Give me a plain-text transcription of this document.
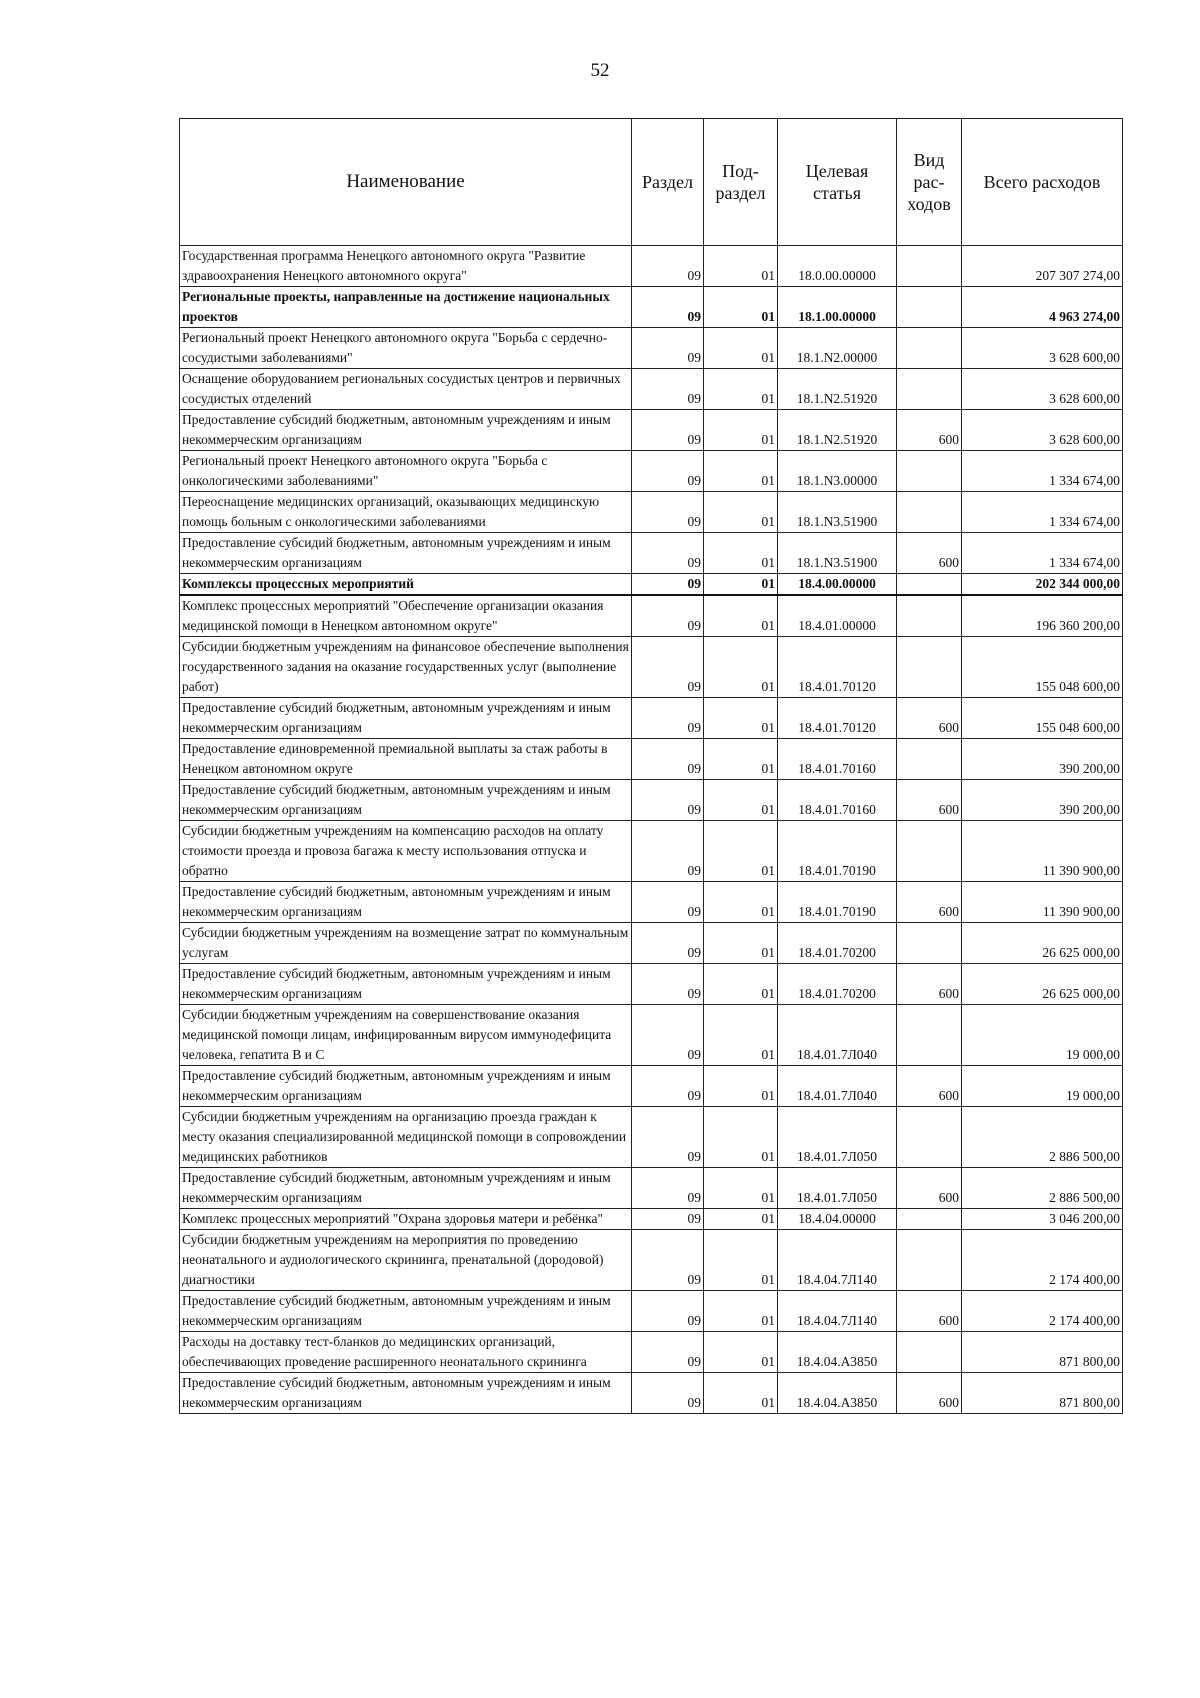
52
Наименование	Раздел	Под-раздел	Целевая статья	Вид рас-ходов	Всего расходов
Государственная программа Ненецкого автономного округа "Развитие здравоохранения Ненецкого автономного округа"	09	01	18.0.00.00000		207 307 274,00
Региональные проекты, направленные на достижение национальных проектов	09	01	18.1.00.00000		4 963 274,00
Региональный проект Ненецкого автономного округа "Борьба с сердечно-сосудистыми заболеваниями"	09	01	18.1.N2.00000		3 628 600,00
Оснащение оборудованием региональных сосудистых центров и первичных сосудистых отделений	09	01	18.1.N2.51920		3 628 600,00
Предоставление субсидий бюджетным, автономным учреждениям и иным некоммерческим организациям	09	01	18.1.N2.51920	600	3 628 600,00
Региональный проект Ненецкого автономного округа "Борьба с онкологическими заболеваниями"	09	01	18.1.N3.00000		1 334 674,00
Переоснащение медицинских организаций, оказывающих медицинскую помощь больным с онкологическими заболеваниями	09	01	18.1.N3.51900		1 334 674,00
Предоставление субсидий бюджетным, автономным учреждениям и иным некоммерческим организациям	09	01	18.1.N3.51900	600	1 334 674,00
Комплексы процессных мероприятий	09	01	18.4.00.00000		202 344 000,00
Комплекс процессных мероприятий "Обеспечение организации оказания медицинской помощи в Ненецком автономном округе"	09	01	18.4.01.00000		196 360 200,00
Субсидии бюджетным учреждениям на финансовое обеспечение выполнения государственного задания на оказание государственных услуг (выполнение работ)	09	01	18.4.01.70120		155 048 600,00
Предоставление субсидий бюджетным, автономным учреждениям и иным некоммерческим организациям	09	01	18.4.01.70120	600	155 048 600,00
Предоставление единовременной премиальной выплаты за стаж работы в Ненецком автономном округе	09	01	18.4.01.70160		390 200,00
Предоставление субсидий бюджетным, автономным учреждениям и иным некоммерческим организациям	09	01	18.4.01.70160	600	390 200,00
Субсидии бюджетным учреждениям на компенсацию расходов на оплату стоимости проезда и провоза багажа к месту использования отпуска и обратно	09	01	18.4.01.70190		11 390 900,00
Предоставление субсидий бюджетным, автономным учреждениям и иным некоммерческим организациям	09	01	18.4.01.70190	600	11 390 900,00
Субсидии бюджетным учреждениям на возмещение затрат по коммунальным услугам	09	01	18.4.01.70200		26 625 000,00
Предоставление субсидий бюджетным, автономным учреждениям и иным некоммерческим организациям	09	01	18.4.01.70200	600	26 625 000,00
Субсидии бюджетным учреждениям на совершенствование оказания медицинской помощи лицам, инфицированным вирусом иммунодефицита человека, гепатита В и С	09	01	18.4.01.7Л040		19 000,00
Предоставление субсидий бюджетным, автономным учреждениям и иным некоммерческим организациям	09	01	18.4.01.7Л040	600	19 000,00
Субсидии бюджетным учреждениям на организацию проезда граждан к месту оказания специализированной медицинской помощи в сопровождении медицинских работников	09	01	18.4.01.7Л050		2 886 500,00
Предоставление субсидий бюджетным, автономным учреждениям и иным некоммерческим организациям	09	01	18.4.01.7Л050	600	2 886 500,00
Комплекс процессных мероприятий "Охрана здоровья матери и ребёнка"	09	01	18.4.04.00000		3 046 200,00
Субсидии бюджетным учреждениям на мероприятия по проведению неонатального и аудиологического скрининга, пренатальной (дородовой) диагностики	09	01	18.4.04.7Л140		2 174 400,00
Предоставление субсидий бюджетным, автономным учреждениям и иным некоммерческим организациям	09	01	18.4.04.7Л140	600	2 174 400,00
Расходы на доставку тест-бланков до медицинских организаций, обеспечивающих проведение расширенного неонатального скрининга	09	01	18.4.04.А3850		871 800,00
Предоставление субсидий бюджетным, автономным учреждениям и иным некоммерческим организациям	09	01	18.4.04.А3850	600	871 800,00
